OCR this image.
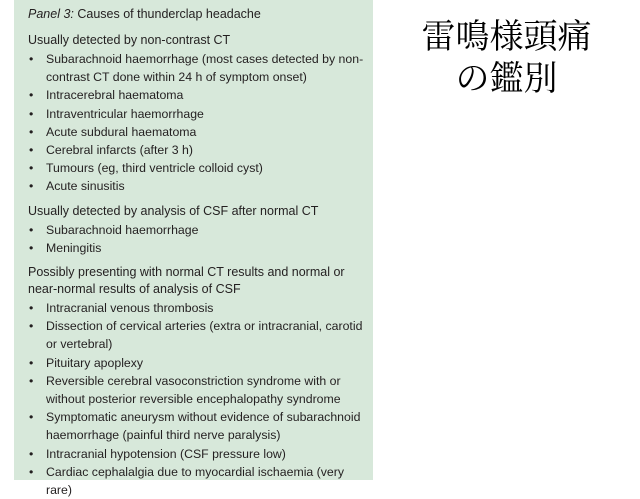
Panel 3: Causes of thunderclap headache
Usually detected by non-contrast CT
• Subarachnoid haemorrhage (most cases detected by non-contrast CT done within 24 h of symptom onset)
• Intracerebral haematoma
• Intraventricular haemorrhage
• Acute subdural haematoma
• Cerebral infarcts (after 3 h)
• Tumours (eg, third ventricle colloid cyst)
• Acute sinusitis
Usually detected by analysis of CSF after normal CT
• Subarachnoid haemorrhage
• Meningitis
Possibly presenting with normal CT results and normal or near-normal results of analysis of CSF
• Intracranial venous thrombosis
• Dissection of cervical arteries (extra or intracranial, carotid or vertebral)
• Pituitary apoplexy
• Reversible cerebral vasoconstriction syndrome with or without posterior reversible encephalopathy syndrome
• Symptomatic aneurysm without evidence of subarachnoid haemorrhage (painful third nerve paralysis)
• Intracranial hypotension (CSF pressure low)
• Cardiac cephalalgia due to myocardial ischaemia (very rare)
雷鳴様頭痛
の鑑別
